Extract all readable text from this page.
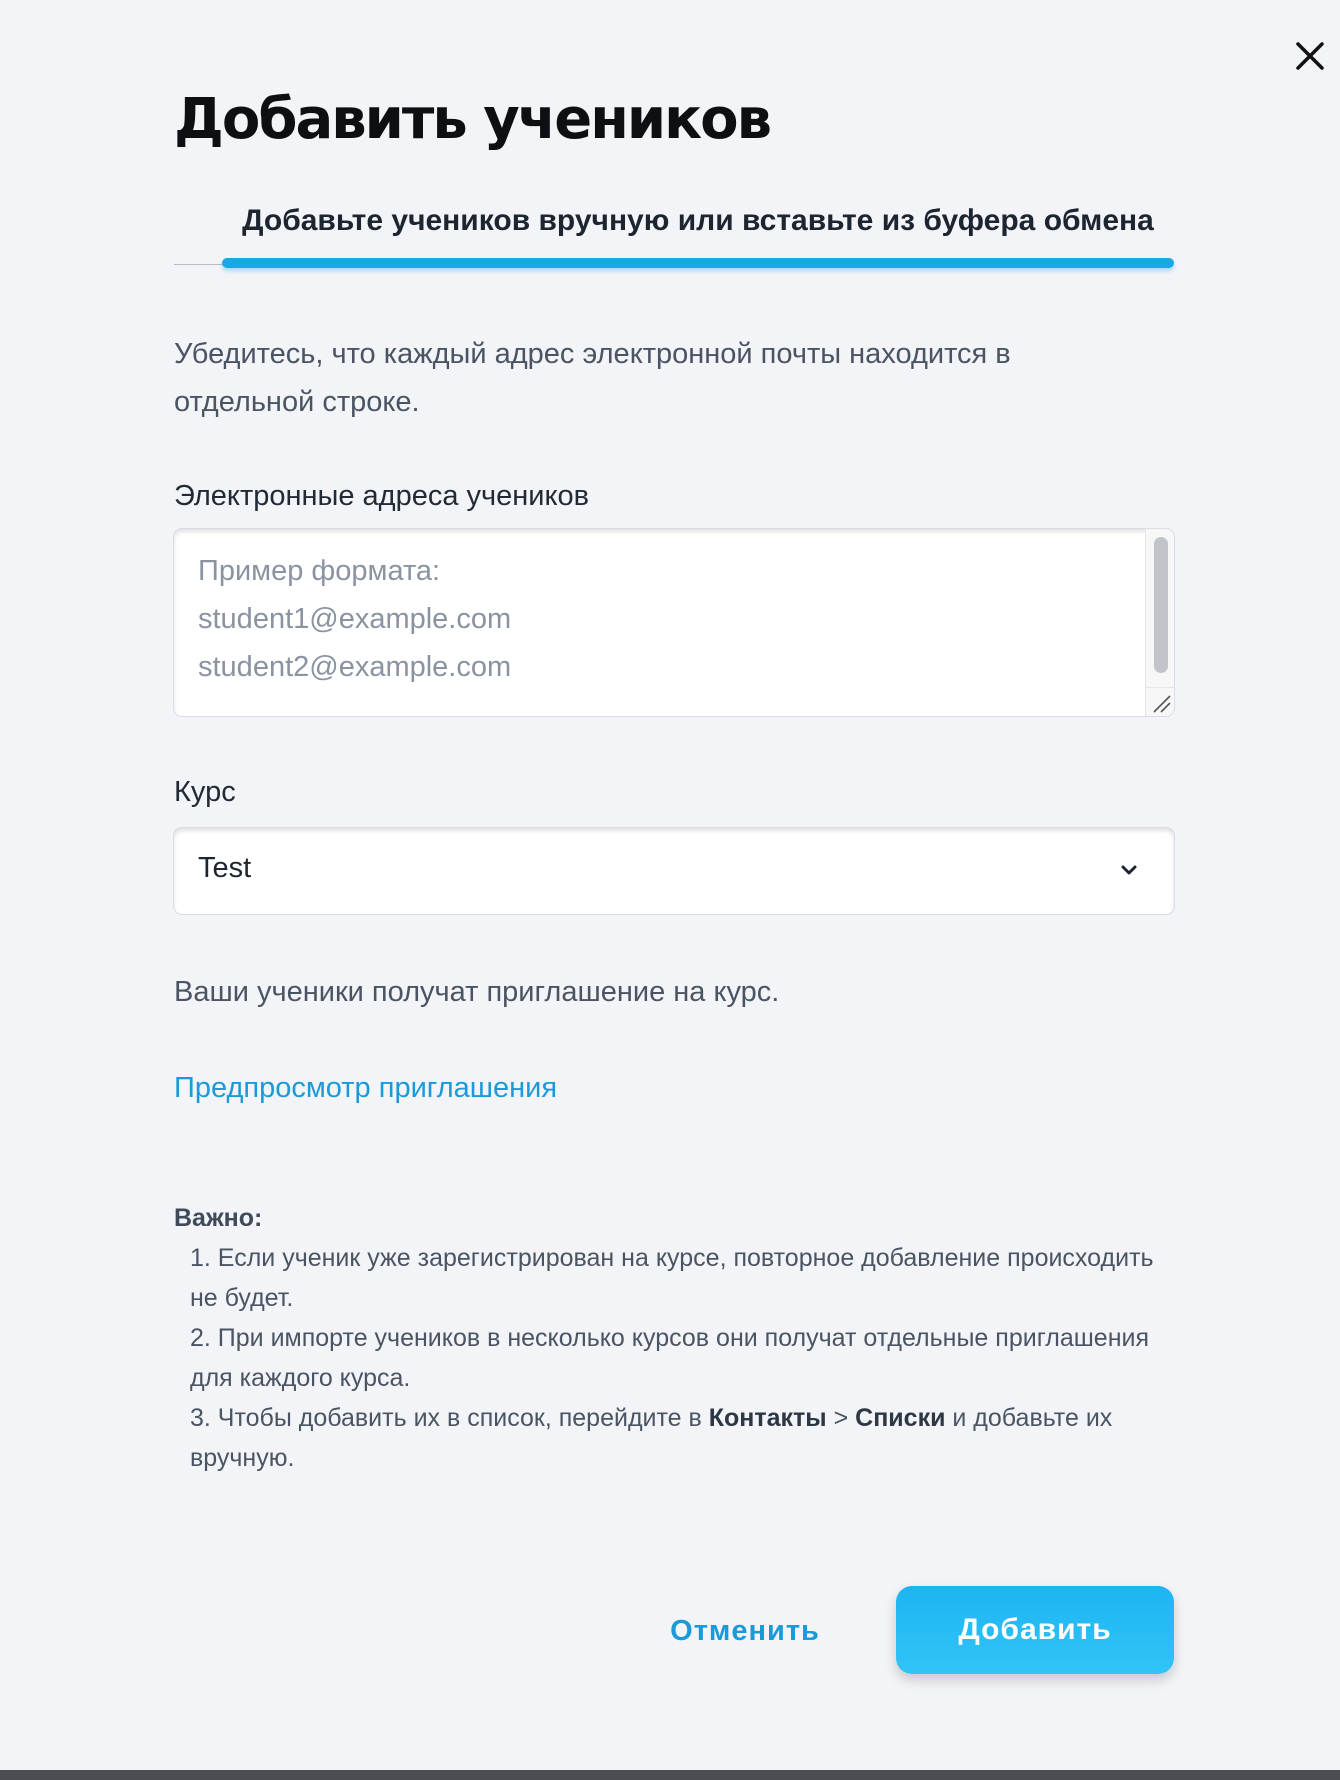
Добавить учеников
Добавьте учеников вручную или вставьте из буфера обмена

Убедитесь, что каждый адрес электронной почты находится в отдельной строке.

Электронные адреса учеников
Пример формата: student1@example.com student2@example.com
Курс
Test

Ваши ученики получат приглашение на курс.

Предпросмотр приглашения

Важно:

1. Если ученик уже зарегистрирован на курсе, повторное добавление происходить не будет.
2. При импорте учеников в несколько курсов они получат отдельные приглашения для каждого курса.
3. Чтобы добавить их в список, перейдите в Контакты > Списки и добавьте их вручную.
Отменить	Добавить
